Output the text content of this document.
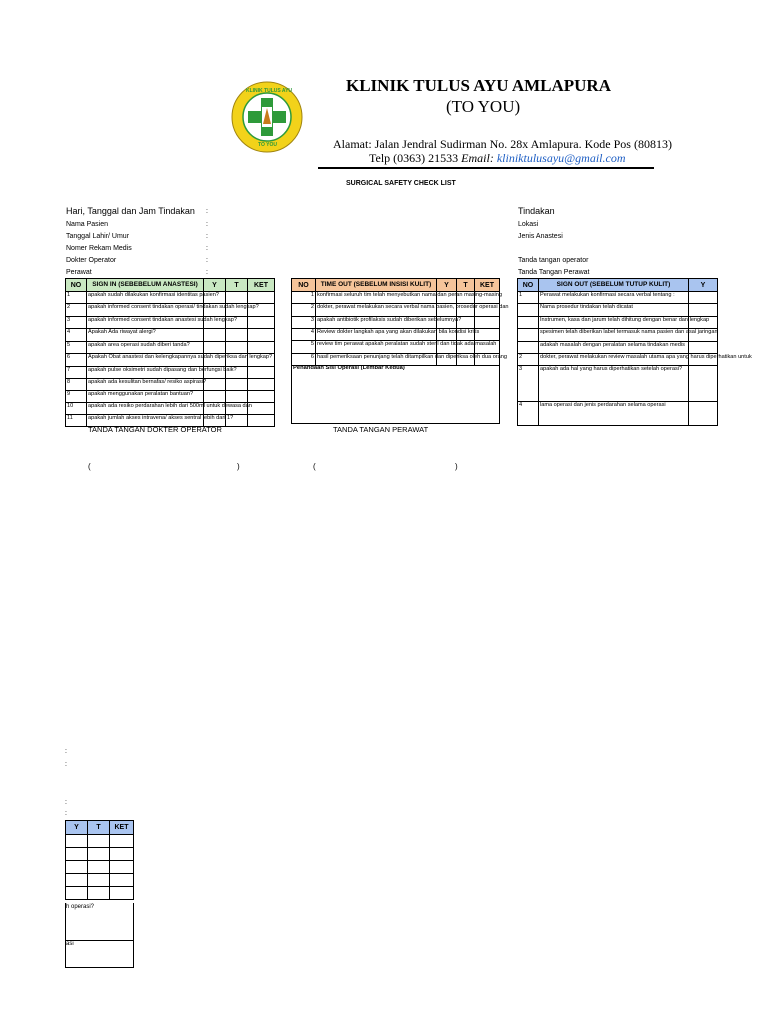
KLINIK TULUS AYU
TO YOU
KLINIK TULUS AYU AMLAPURA
(TO YOU)
Alamat: Jalan Jendral Sudirman No. 28x Amlapura. Kode Pos (80813)
Telp (0363) 21533 Email: kliniktulusayu@gmail.com
SURGICAL SAFETY CHECK LIST
Hari, Tanggal dan Jam Tindakan
Nama Pasien
Tanggal Lahir/ Umur
Nomer Rekam Medis
Dokter Operator
Perawat
:
:
:
:
:
:
Tindakan
Lokasi
Jenis Anastesi
Tanda tangan operator
Tanda Tangan Perawat
NO	SIGN IN (SEBEBELUM ANASTESI)	Y	T	KET
1	apakah sudah dilakukan konfirmasi identitas pasien?			
2	apakah informed consent tindakan operasi/ tindakan sudah lengkap?			
3	apakah informed consent tindakan anastesi sudah lengkap?			
4	Apakah Ada riwayat alergi?			
5	apakah area operasi sudah diberi tanda?			
6	Apakah Obat anastesi dan kelengkapannya sudah diperiksa dan lengkap?			
7	apakah pulse oksimetri sudah dipasang dan berfungsi baik?			
8	apakah ada kesulitan bernafas/ resiko aspirasi?			
9	apakah menggunakan peralatan bantuan?			
10	apakah ada resiko perdarahan lebih dari 500ml untuk dewasa dan			
11	apakah jumlah akses intravena/ akses sentral lebih dari 1?			
NO	TIME OUT (SEBELUM INSISI KULIT)	Y	T	KET
1	konfirmasi seluruh tim telah menyebutkan nama dan peran masing-masing			
2	dokter, perawat melakukan secara verbal nama pasien, prosedur operasi dan			
3	apakah antibiotik profilaksis sudah diberikan sebelumnya?			
4	Review dokter langkah apa yang akan dilakukan bila kondisi kritis			
5	review tim perawat apakah peralatan sudah steril dan tidak ada masalah			
6	hasil pemeriksaan penunjang telah ditampilkan dan diperiksa oleh dua orang			
Penandaan Sisi Operasi (Lembar Kedua)
NO	SIGN OUT (SEBELUM TUTUP KULIT)	Y
1	Perawat melakukan konfirmasi secara verbal tentang :	
	Nama prosedur tindakan telah dicatat	
	Instrumen, kasa dan jarum telah dihitung dengan benar dan lengkap	
	spesimen telah diberikan label termasuk nama pasien dan asal jaringan	
	adakah masalah dengan peralatan selama tindakan medis	
2	dokter, perawat melakukan review masalah utama apa yang harus diperhatikan untuk	
3	apakah ada hal yang harus diperhatikan setelah operasi?	
4	lama operasi dan jenis perdarahan selama operasi	
TANDA TANGAN DOKTER OPERATOR	TANDA TANGAN PERAWAT
(	)	(	)
:
:
:
:
Y	T	KET

h operasi?
asi
